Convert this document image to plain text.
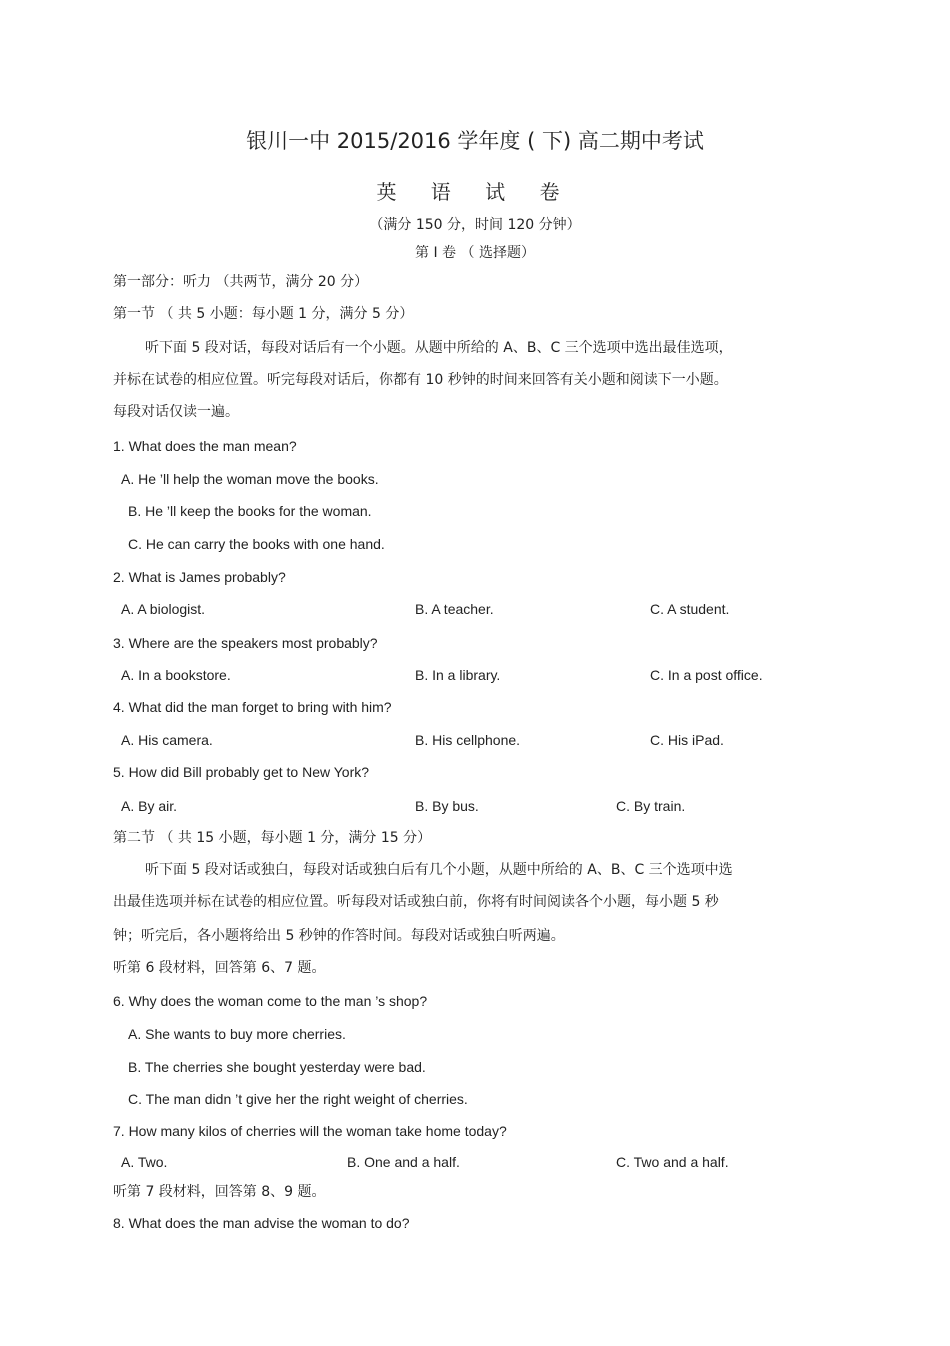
银川一中 2015/2016 学年度 ( 下) 高二期中考试
英 语 试 卷
（满分 150 分，时间 120 分钟）
第 I 卷 （ 选择题）
第一部分：听力 （共两节，满分 20 分）
第一节 （ 共 5 小题：每小题 1 分，满分 5 分）
听下面 5 段对话，每段对话后有一个小题。从题中所给的 A、B、C 三个选项中选出最佳选项，
并标在试卷的相应位置。听完每段对话后，你都有 10 秒钟的时间来回答有关小题和阅读下一小题。
每段对话仅读一遍。
1. What does the man mean?
A. He ’ll help the woman move the books.
B. He ’ll keep the books for the woman.
C. He can carry the books with one hand.
2. What is James probably?
A. A biologist.	B. A teacher.	C. A student.
3. Where are the speakers most probably?
A. In a bookstore.	B. In a library.	C. In a post office.
4. What did the man forget to bring with him?
A. His camera.	B. His cellphone.	C. His iPad.
5. How did Bill probably get to New York?
A. By air.	B. By bus.	C. By train.
第二节 （ 共 15 小题，每小题 1 分，满分 15 分）
听下面 5 段对话或独白，每段对话或独白后有几个小题，从题中所给的 A、B、C 三个选项中选
出最佳选项并标在试卷的相应位置。听每段对话或独白前，你将有时间阅读各个小题，每小题 5 秒
钟；听完后，各小题将给出 5 秒钟的作答时间。每段对话或独白听两遍。
听第 6 段材料，回答第 6、7 题。
6. Why does the woman come to the man ’s shop?
A. She wants to buy more cherries.
B. The cherries she bought yesterday were bad.
C. The man didn ’t give her the right weight of cherries.
7. How many kilos of cherries will the woman take home today?
A. Two.	B. One and a half.	C. Two and a half.
听第 7 段材料，回答第 8、9 题。
8. What does the man advise the woman to do?
